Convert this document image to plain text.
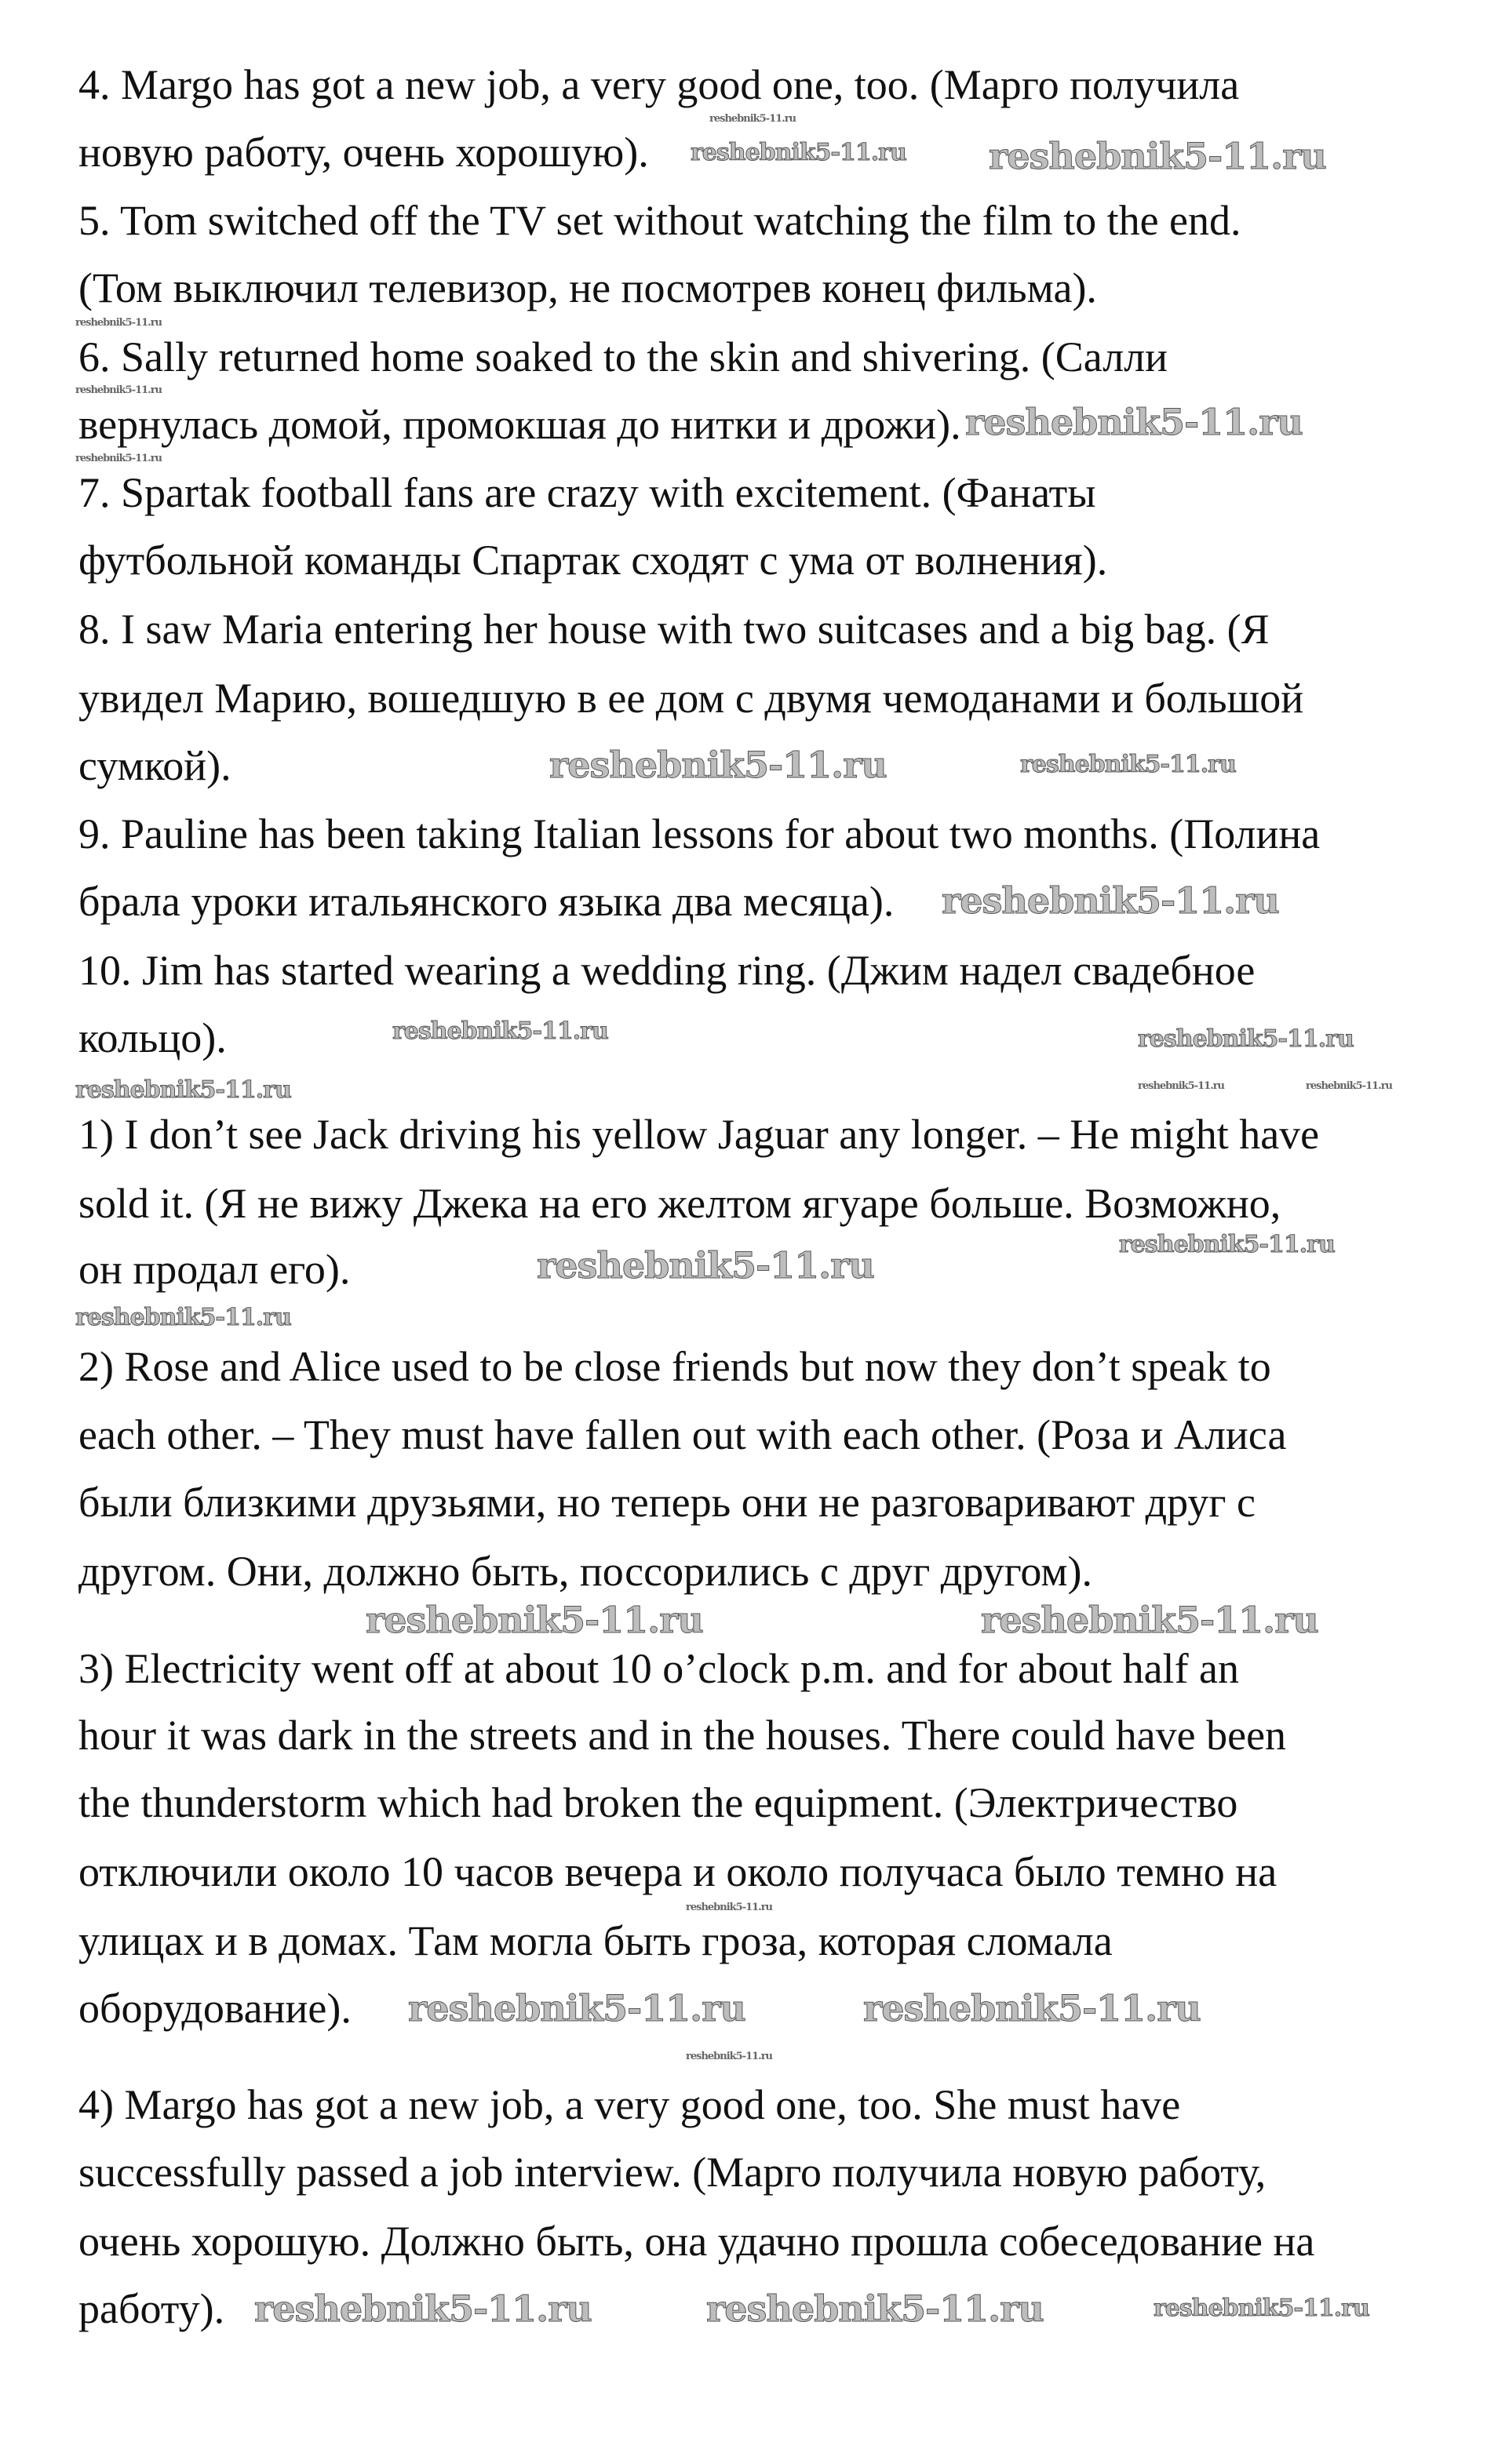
4. Margo has got a new job, a very good one, too. (Марго получила
новую работу, очень хорошую).
5. Tom switched off the TV set without watching the film to the end.
(Том выключил телевизор, не посмотрев конец фильма).
6. Sally returned home soaked to the skin and shivering. (Салли
вернулась домой, промокшая до нитки и дрожи).
7. Spartak football fans are crazy with excitement. (Фанаты
футбольной команды Спартак сходят с ума от волнения).
8. I saw Maria entering her house with two suitcases and a big bag. (Я
увидел Марию, вошедшую в ее дом с двумя чемоданами и большой
сумкой).
9. Pauline has been taking Italian lessons for about two months. (Полина
брала уроки итальянского языка два месяца).
10. Jim has started wearing a wedding ring. (Джим надел свадебное
кольцо).
1) I don’t see Jack driving his yellow Jaguar any longer. – He might have
sold it. (Я не вижу Джека на его желтом ягуаре больше. Возможно,
он продал его).
2) Rose and Alice used to be close friends but now they don’t speak to
each other. – They must have fallen out with each other. (Роза и Алиса
были близкими друзьями, но теперь они не разговаривают друг с
другом. Они, должно быть, поссорились с друг другом).
3) Electricity went off at about 10 o’clock p.m. and for about half an
hour it was dark in the streets and in the houses. There could have been
the thunderstorm which had broken the equipment. (Электричество
отключили около 10 часов вечера и около получаса было темно на
улицах и в домах. Там могла быть гроза, которая сломала
оборудование).
4) Margo has got a new job, a very good one, too. She must have
successfully passed a job interview. (Марго получила новую работу,
очень хорошую. Должно быть, она удачно прошла собеседование на
работу).
reshebnik5-11.ru
reshebnik5-11.ru
reshebnik5-11.ru
reshebnik5-11.ru
reshebnik5-11.ru
reshebnik5-11.ru	reshebnik5-11.ru
reshebnik5-11.ru	reshebnik5-11.ru
reshebnik5-11.ru	reshebnik5-11.ru
reshebnik5-11.ru
reshebnik5-11.ru
reshebnik5-11.ru
reshebnik5-11.ru	reshebnik5-11.ru
reshebnik5-11.ru
reshebnik5-11.ru
reshebnik5-11.ru
reshebnik5-11.ru
reshebnik5-11.ru
reshebnik5-11.ru
reshebnik5-11.ru
reshebnik5-11.ru	reshebnik5-11.ru
reshebnik5-11.ru
reshebnik5-11.ru
